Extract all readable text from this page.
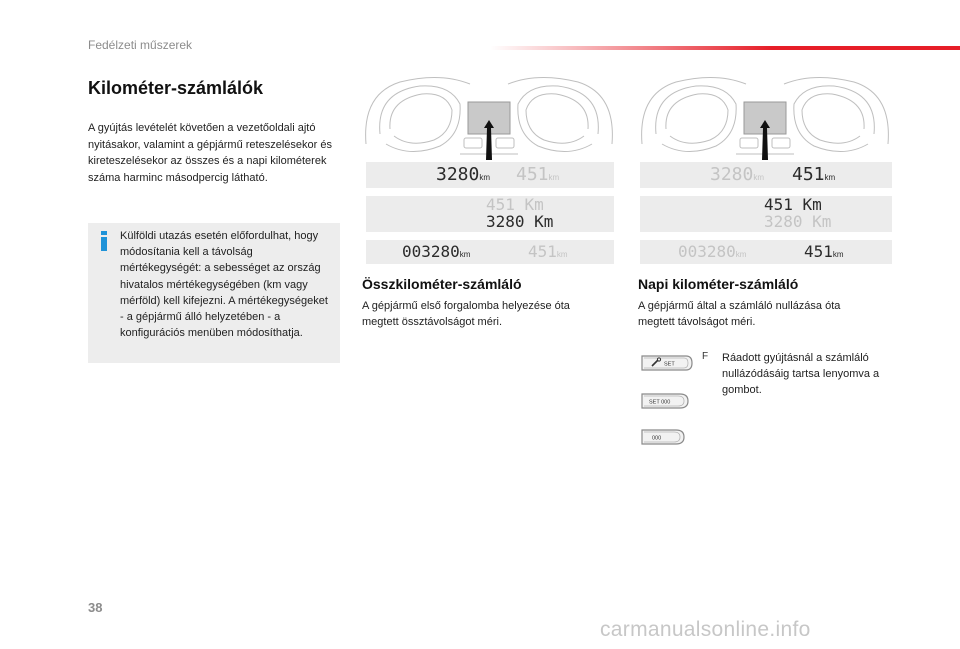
Fedélzeti műszerek
Kilométer-számlálók
A gyújtás levételét követően a vezetőoldali ajtó nyitásakor, valamint a gépjármű reteszelésekor és kireteszelésekor az összes és a napi kilométerek száma harminc másodpercig látható.
Külföldi utazás esetén előfordulhat, hogy módosítania kell a távolság mértékegységét: a sebességet az ország hivatalos mértékegységében (km vagy mérföld) kell kifejezni. A mértékegységeket - a gépjármű álló helyzetében - a konfigurációs menüben módosíthatja.
3280km 451km
451 Km
3280 Km
003280km	451km
Összkilométer-számláló
A gépjármű első forgalomba helyezése óta megtett össztávolságot méri.
3280km 451km
451 Km
3280 Km
003280km	451km
Napi kilométer-számláló
A gépjármű által a számláló nullázása óta megtett távolságot méri.
SET
SET 000
000
F Ráadott gyújtásnál a számláló nullázódásáig tartsa lenyomva a gombot.
38
carmanualsonline.info
